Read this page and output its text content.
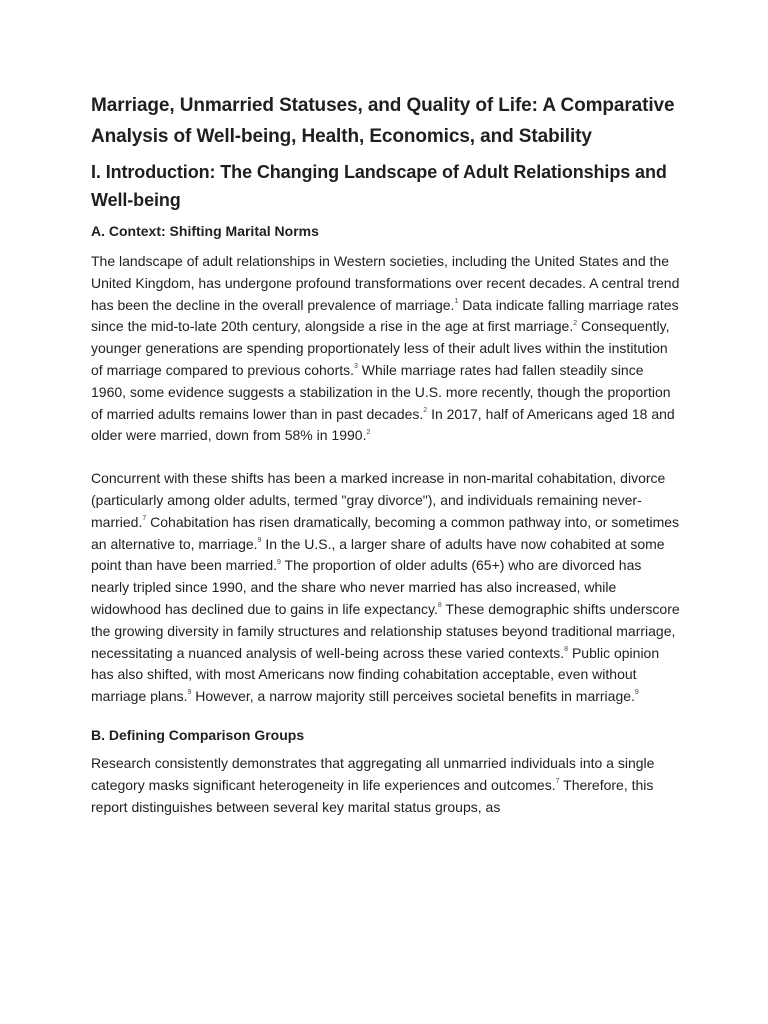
Marriage, Unmarried Statuses, and Quality of Life: A Comparative Analysis of Well-being, Health, Economics, and Stability
I. Introduction: The Changing Landscape of Adult Relationships and Well-being
A. Context: Shifting Marital Norms

The landscape of adult relationships in Western societies, including the United States and the United Kingdom, has undergone profound transformations over recent decades. A central trend has been the decline in the overall prevalence of marriage.$^1$ Data indicate falling marriage rates since the mid-to-late 20th century, alongside a rise in the age at first marriage.$^2$ Consequently, younger generations are spending proportionately less of their adult lives within the institution of marriage compared to previous cohorts.$^3$ While marriage rates had fallen steadily since 1960, some evidence suggests a stabilization in the U.S. more recently, though the proportion of married adults remains lower than in past decades.$^2$ In 2017, half of Americans aged 18 and older were married, down from 58% in 1990.$^2$

Concurrent with these shifts has been a marked increase in non-marital cohabitation, divorce (particularly among older adults, termed "gray divorce"), and individuals remaining never-married.$^7$ Cohabitation has risen dramatically, becoming a common pathway into, or sometimes an alternative to, marriage.$^9$ In the U.S., a larger share of adults have now cohabited at some point than have been married.$^9$ The proportion of older adults (65+) who are divorced has nearly tripled since 1990, and the share who never married has also increased, while widowhood has declined due to gains in life expectancy.$^8$ These demographic shifts underscore the growing diversity in family structures and relationship statuses beyond traditional marriage, necessitating a nuanced analysis of well-being across these varied contexts.$^8$ Public opinion has also shifted, with most Americans now finding cohabitation acceptable, even without marriage plans.$^9$ However, a narrow majority still perceives societal benefits in marriage.$^9$

B. Defining Comparison Groups

Research consistently demonstrates that aggregating all unmarried individuals into a single category masks significant heterogeneity in life experiences and outcomes.$^7$ Therefore, this report distinguishes between several key marital status groups, as
